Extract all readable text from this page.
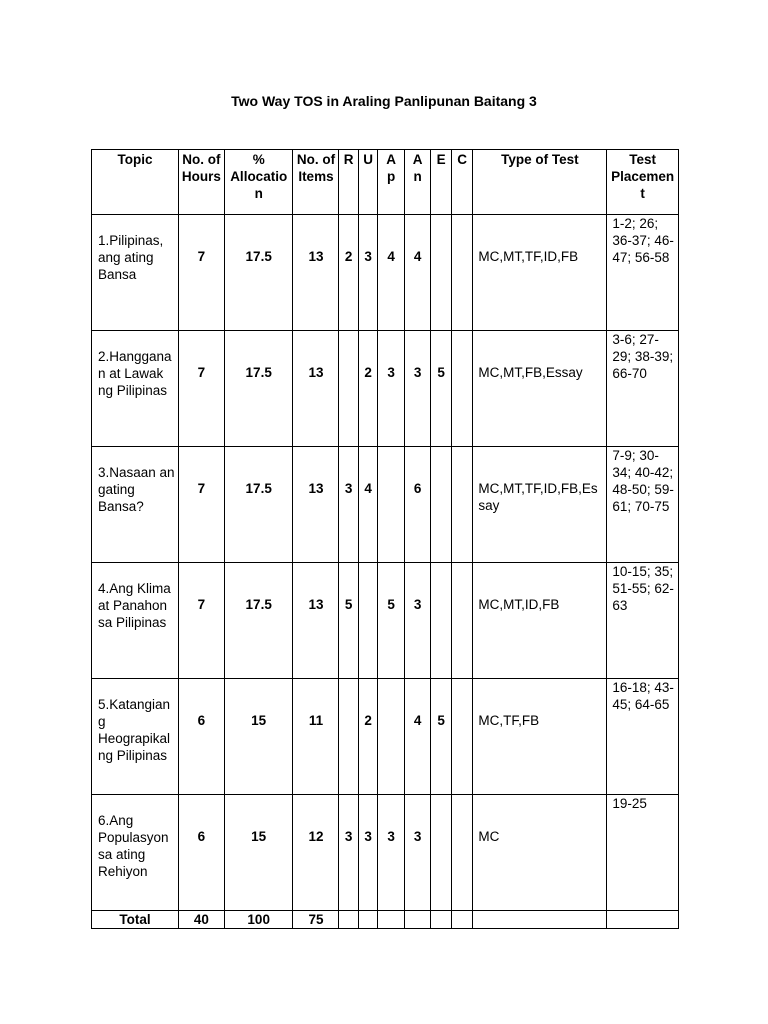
Two Way TOS in Araling Panlipunan Baitang 3
Topic	No. of Hours	% Allocation	No. of Items	R	U	A p	A n	E	C	Type of Test	Test Placement
1.Pilipinas, ang ating Bansa	7	17.5	13	2	3	4	4			MC,MT,TF,ID,FB	1-2; 26; 36-37; 46-47; 56-58
2.Hangganan at Lawak ng Pilipinas	7	17.5	13		2	3	3	5		MC,MT,FB,Essay	3-6; 27-29; 38-39; 66-70
3.Nasaan an gating Bansa?	7	17.5	13	3	4		6			MC,MT,TF,ID,FB,Essay	7-9; 30-34; 40-42; 48-50; 59-61; 70-75
4.Ang Klima at Panahon sa Pilipinas	7	17.5	13	5		5	3			MC,MT,ID,FB	10-15; 35; 51-55; 62-63
5.Katangiang Heograpikal ng Pilipinas	6	15	11		2		4	5		MC,TF,FB	16-18; 43-45; 64-65
6.Ang Populasyon sa ating Rehiyon	6	15	12	3	3	3	3			MC	19-25
Total	40	100	75								
